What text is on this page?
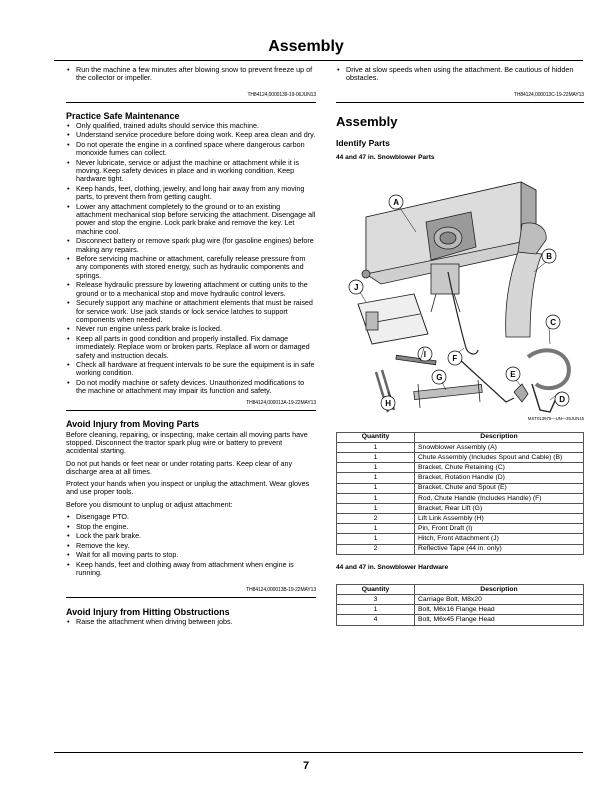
Assembly
• Run the machine a few minutes after blowing snow to prevent freeze up of the collector or impeller.
TH84124,0000139-19-06JUN13
Practice Safe Maintenance
• Only qualified, trained adults should service this machine.
• Understand service procedure before doing work. Keep area clean and dry.
• Do not operate the engine in a confined space where dangerous carbon monoxide fumes can collect.
• Never lubricate, service or adjust the machine or attachment while it is moving. Keep safety devices in place and in working condition. Keep hardware tight.
• Keep hands, feet, clothing, jewelry, and long hair away from any moving parts, to prevent them from getting caught.
• Lower any attachment completely to the ground or to an existing attachment mechanical stop before servicing the attachment. Disengage all power and stop the engine. Lock park brake and remove the key. Let machine cool.
• Disconnect battery or remove spark plug wire (for gasoline engines) before making any repairs.
• Before servicing machine or attachment, carefully release pressure from any components with stored energy, such as hydraulic components and springs.
• Release hydraulic pressure by lowering attachment or cutting units to the ground or to a mechanical stop and move hydraulic control levers.
• Securely support any machine or attachment elements that must be raised for service work. Use jack stands or lock service latches to support components when needed.
• Never run engine unless park brake is locked.
• Keep all parts in good condition and properly installed. Fix damage immediately. Replace worn or broken parts. Replace all worn or damaged safety and instruction decals.
• Check all hardware at frequent intervals to be sure the equipment is in safe working condition.
• Do not modify machine or safety devices. Unauthorized modifications to the machine or attachment may impair its function and safety.
TH84124,000013A-19-22MAY13
Avoid Injury from Moving Parts
Before cleaning, repairing, or inspecting, make certain all moving parts have stopped. Disconnect the tractor spark plug wire or battery to prevent accidental starting.
Do not put hands or feet near or under rotating parts. Keep clear of any discharge area at all times.
Protect your hands when you inspect or unplug the attachment. Wear gloves and use proper tools.
Before you dismount to unplug or adjust attachment:
• Disengage PTO.
• Stop the engine.
• Lock the park brake.
• Remove the key.
• Wait for all moving parts to stop.
• Keep hands, feet and clothing away from attachment when engine is running.
TH84124,000013B-19-22MAY13
Avoid Injury from Hitting Obstructions
• Raise the attachment when driving between jobs.
• Drive at slow speeds when using the attachment. Be cautious of hidden obstacles.
TH84124,000013C-19-22MAY13
Assembly
Identify Parts
44 and 47 in. Snowblower Parts
A
B
C
D
E
F
G
H
I
J
MXT013975—UN—25JUN15
Quantity	Description
1	Snowblower Assembly (A)
1	Chute Assembly (Includes Spout and Cable) (B)
1	Bracket, Chute Retaining (C)
1	Bracket, Rotation Handle (D)
1	Bracket, Chute and Spout (E)
1	Rod, Chute Handle (Includes Handle) (F)
1	Bracket, Rear Lift (G)
2	Lift Link Assembly (H)
1	Pin, Front Draft (I)
1	Hitch, Front Attachment (J)
2	Reflective Tape (44 in. only)
44 and 47 in. Snowblower Hardware
Quantity	Description
3	Carriage Bolt, M8x20
1	Bolt, M6x16 Flange Head
4	Bolt, M6x45 Flange Head
7
